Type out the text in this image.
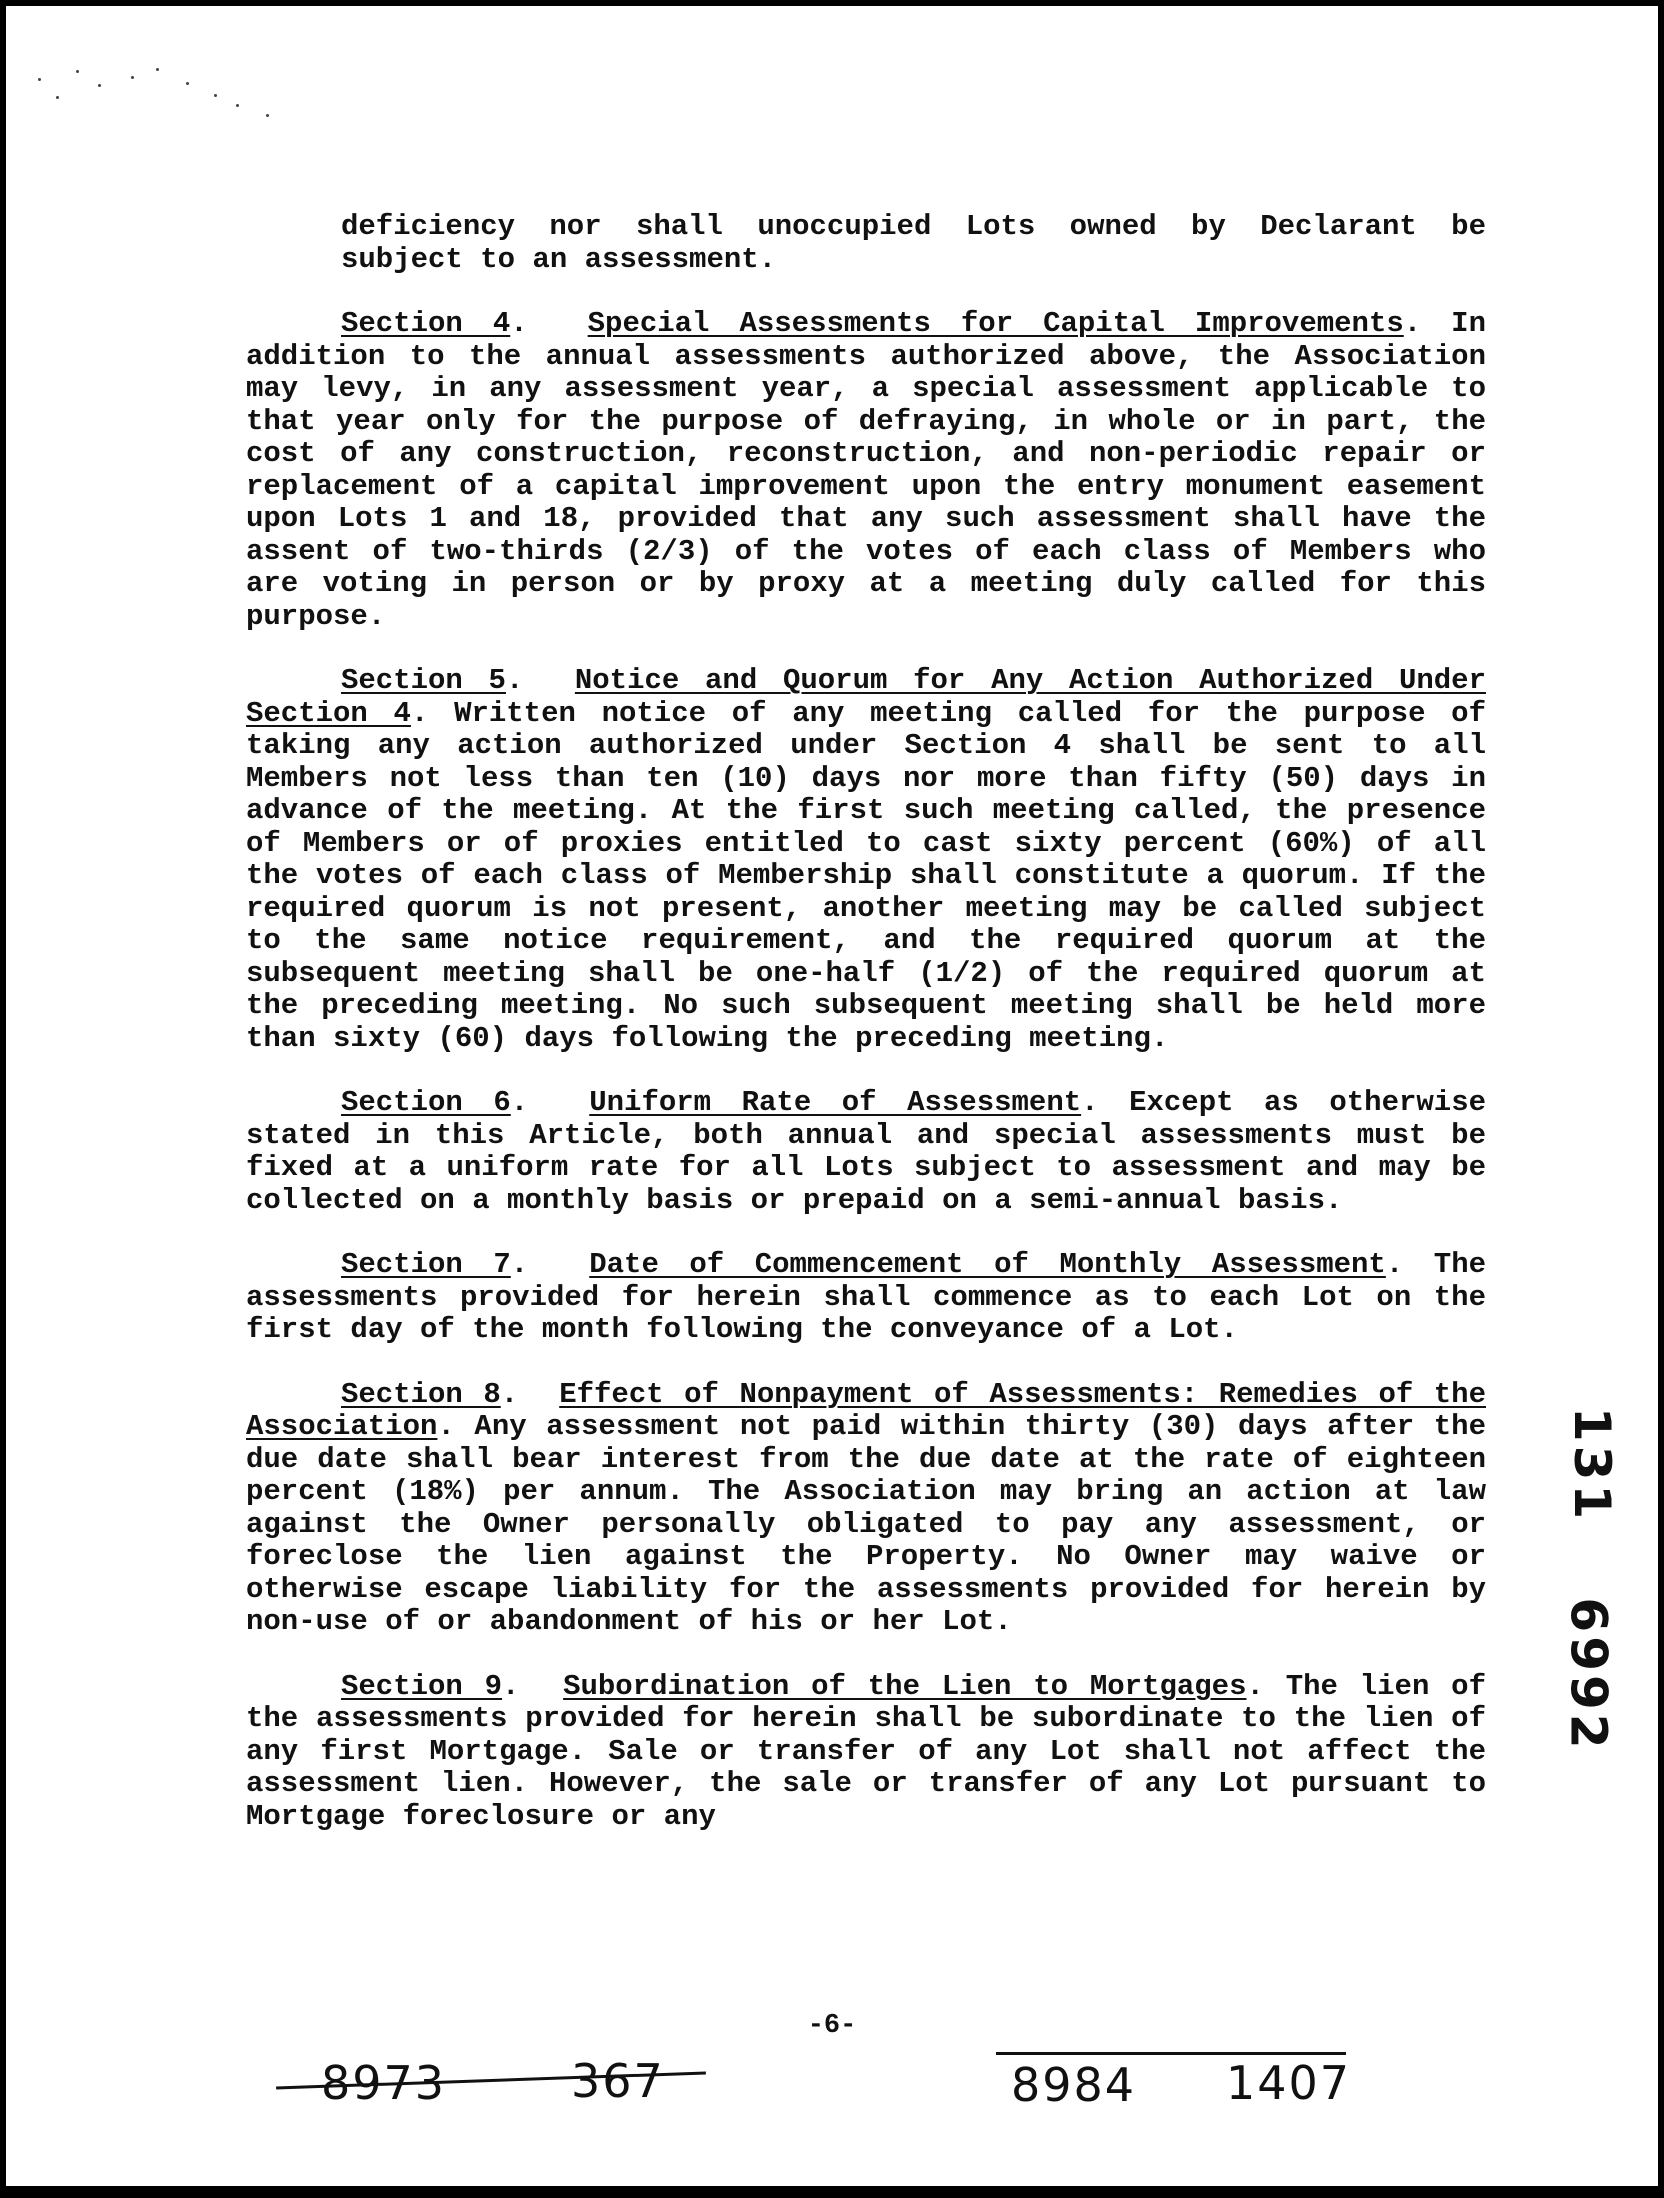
deficiency nor shall unoccupied Lots owned by Declarant be subject to an assessment.

Section 4.  Special Assessments for Capital Improvements. In addition to the annual assessments authorized above, the Association may levy, in any assessment year, a special assessment applicable to that year only for the purpose of defraying, in whole or in part, the cost of any construction, reconstruction, and non-periodic repair or replacement of a capital improvement upon the entry monument easement upon Lots 1 and 18, provided that any such assessment shall have the assent of two-thirds (2/3) of the votes of each class of Members who are voting in person or by proxy at a meeting duly called for this purpose.

Section 5.  Notice and Quorum for Any Action Authorized Under Section 4. Written notice of any meeting called for the purpose of taking any action authorized under Section 4 shall be sent to all Members not less than ten (10) days nor more than fifty (50) days in advance of the meeting. At the first such meeting called, the presence of Members or of proxies entitled to cast sixty percent (60%) of all the votes of each class of Membership shall constitute a quorum. If the required quorum is not present, another meeting may be called subject to the same notice requirement, and the required quorum at the subsequent meeting shall be one-half (1/2) of the required quorum at the preceding meeting. No such subsequent meeting shall be held more than sixty (60) days following the preceding meeting.

Section 6.  Uniform Rate of Assessment. Except as otherwise stated in this Article, both annual and special assessments must be fixed at a uniform rate for all Lots subject to assessment and may be collected on a monthly basis or prepaid on a semi-annual basis.

Section 7.  Date of Commencement of Monthly Assessment. The assessments provided for herein shall commence as to each Lot on the first day of the month following the conveyance of a Lot.

Section 8.  Effect of Nonpayment of Assessments: Remedies of the Association. Any assessment not paid within thirty (30) days after the due date shall bear interest from the due date at the rate of eighteen percent (18%) per annum. The Association may bring an action at law against the Owner personally obligated to pay any assessment, or foreclose the lien against the Property. No Owner may waive or otherwise escape liability for the assessments provided for herein by non-use of or abandonment of his or her Lot.

Section 9.  Subordination of the Lien to Mortgages. The lien of the assessments provided for herein shall be subordinate to the lien of any first Mortgage. Sale or transfer of any Lot shall not affect the assessment lien. However, the sale or transfer of any Lot pursuant to Mortgage foreclosure or any

-6-
8973	367	8984 1407
131
6992
